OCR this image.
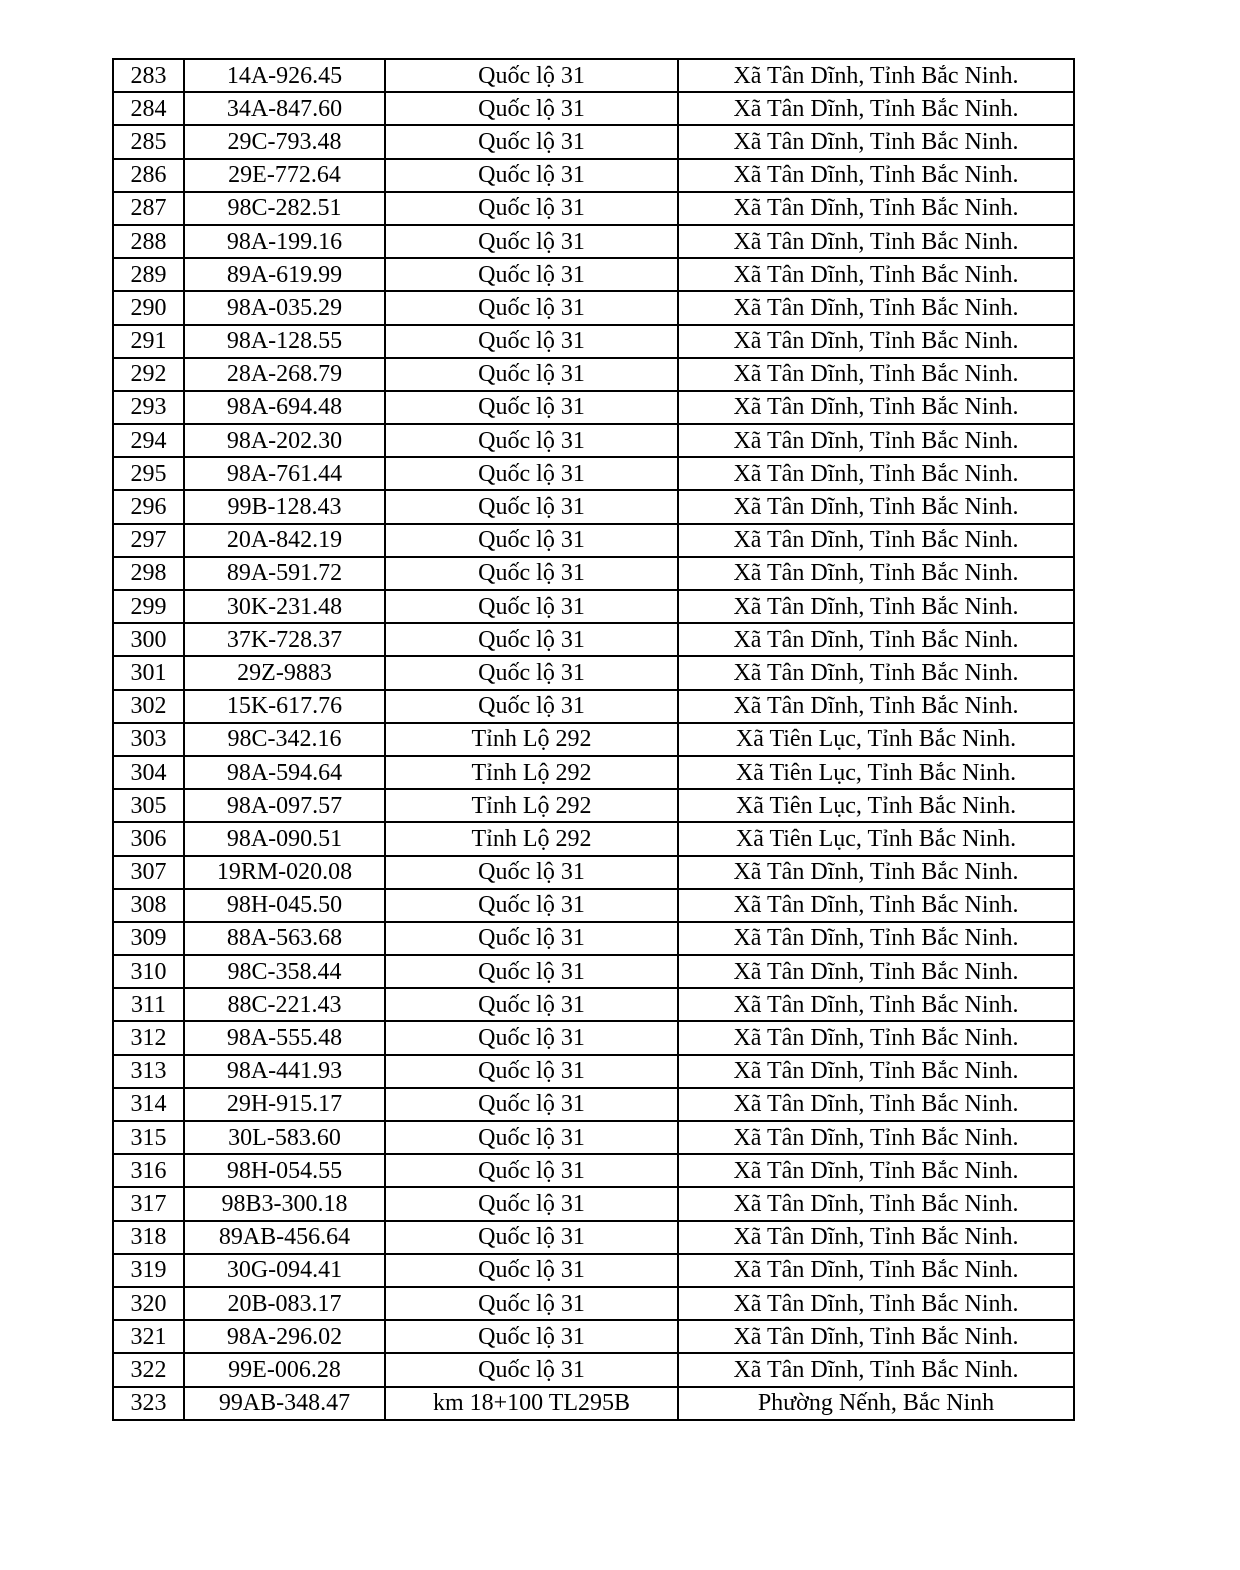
283	14A-926.45	Quốc lộ 31	Xã Tân Dĩnh, Tỉnh Bắc Ninh.
284	34A-847.60	Quốc lộ 31	Xã Tân Dĩnh, Tỉnh Bắc Ninh.
285	29C-793.48	Quốc lộ 31	Xã Tân Dĩnh, Tỉnh Bắc Ninh.
286	29E-772.64	Quốc lộ 31	Xã Tân Dĩnh, Tỉnh Bắc Ninh.
287	98C-282.51	Quốc lộ 31	Xã Tân Dĩnh, Tỉnh Bắc Ninh.
288	98A-199.16	Quốc lộ 31	Xã Tân Dĩnh, Tỉnh Bắc Ninh.
289	89A-619.99	Quốc lộ 31	Xã Tân Dĩnh, Tỉnh Bắc Ninh.
290	98A-035.29	Quốc lộ 31	Xã Tân Dĩnh, Tỉnh Bắc Ninh.
291	98A-128.55	Quốc lộ 31	Xã Tân Dĩnh, Tỉnh Bắc Ninh.
292	28A-268.79	Quốc lộ 31	Xã Tân Dĩnh, Tỉnh Bắc Ninh.
293	98A-694.48	Quốc lộ 31	Xã Tân Dĩnh, Tỉnh Bắc Ninh.
294	98A-202.30	Quốc lộ 31	Xã Tân Dĩnh, Tỉnh Bắc Ninh.
295	98A-761.44	Quốc lộ 31	Xã Tân Dĩnh, Tỉnh Bắc Ninh.
296	99B-128.43	Quốc lộ 31	Xã Tân Dĩnh, Tỉnh Bắc Ninh.
297	20A-842.19	Quốc lộ 31	Xã Tân Dĩnh, Tỉnh Bắc Ninh.
298	89A-591.72	Quốc lộ 31	Xã Tân Dĩnh, Tỉnh Bắc Ninh.
299	30K-231.48	Quốc lộ 31	Xã Tân Dĩnh, Tỉnh Bắc Ninh.
300	37K-728.37	Quốc lộ 31	Xã Tân Dĩnh, Tỉnh Bắc Ninh.
301	29Z-9883	Quốc lộ 31	Xã Tân Dĩnh, Tỉnh Bắc Ninh.
302	15K-617.76	Quốc lộ 31	Xã Tân Dĩnh, Tỉnh Bắc Ninh.
303	98C-342.16	Tỉnh Lộ 292	Xã Tiên Lục, Tỉnh Bắc Ninh.
304	98A-594.64	Tỉnh Lộ 292	Xã Tiên Lục, Tỉnh Bắc Ninh.
305	98A-097.57	Tỉnh Lộ 292	Xã Tiên Lục, Tỉnh Bắc Ninh.
306	98A-090.51	Tỉnh Lộ 292	Xã Tiên Lục, Tỉnh Bắc Ninh.
307	19RM-020.08	Quốc lộ 31	Xã Tân Dĩnh, Tỉnh Bắc Ninh.
308	98H-045.50	Quốc lộ 31	Xã Tân Dĩnh, Tỉnh Bắc Ninh.
309	88A-563.68	Quốc lộ 31	Xã Tân Dĩnh, Tỉnh Bắc Ninh.
310	98C-358.44	Quốc lộ 31	Xã Tân Dĩnh, Tỉnh Bắc Ninh.
311	88C-221.43	Quốc lộ 31	Xã Tân Dĩnh, Tỉnh Bắc Ninh.
312	98A-555.48	Quốc lộ 31	Xã Tân Dĩnh, Tỉnh Bắc Ninh.
313	98A-441.93	Quốc lộ 31	Xã Tân Dĩnh, Tỉnh Bắc Ninh.
314	29H-915.17	Quốc lộ 31	Xã Tân Dĩnh, Tỉnh Bắc Ninh.
315	30L-583.60	Quốc lộ 31	Xã Tân Dĩnh, Tỉnh Bắc Ninh.
316	98H-054.55	Quốc lộ 31	Xã Tân Dĩnh, Tỉnh Bắc Ninh.
317	98B3-300.18	Quốc lộ 31	Xã Tân Dĩnh, Tỉnh Bắc Ninh.
318	89AB-456.64	Quốc lộ 31	Xã Tân Dĩnh, Tỉnh Bắc Ninh.
319	30G-094.41	Quốc lộ 31	Xã Tân Dĩnh, Tỉnh Bắc Ninh.
320	20B-083.17	Quốc lộ 31	Xã Tân Dĩnh, Tỉnh Bắc Ninh.
321	98A-296.02	Quốc lộ 31	Xã Tân Dĩnh, Tỉnh Bắc Ninh.
322	99E-006.28	Quốc lộ 31	Xã Tân Dĩnh, Tỉnh Bắc Ninh.
323	99AB-348.47	km 18+100 TL295B	Phường Nếnh, Bắc Ninh
